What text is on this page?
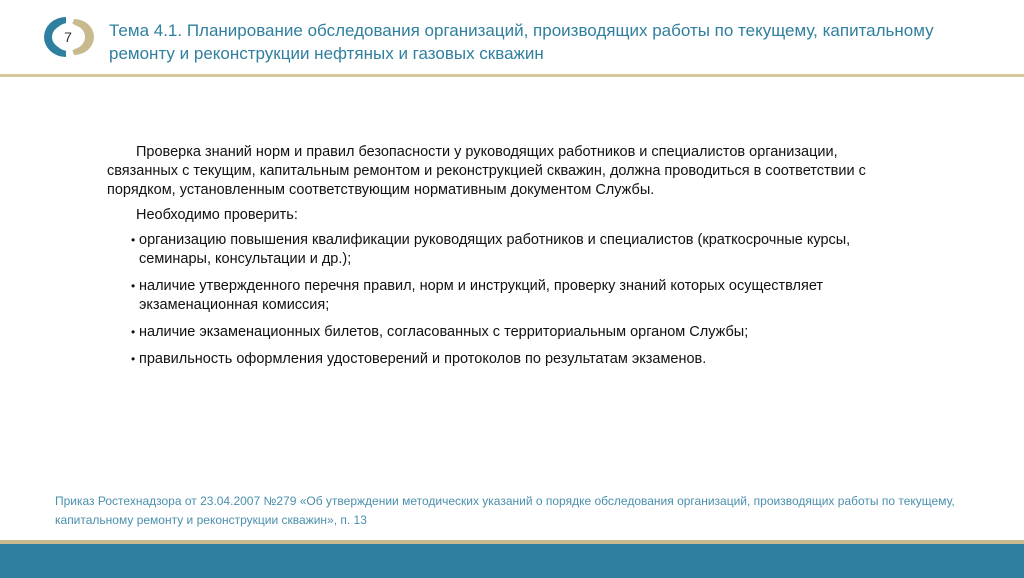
7	Тема 4.1. Планирование обследования организаций, производящих работы по текущему, капитальному ремонту и реконструкции нефтяных и газовых скважин

Проверка знаний норм и правил безопасности у руководящих работников и специалистов организации, связанных с текущим, капитальным ремонтом и реконструкцией скважин, должна проводиться в соответствии с порядком, установленным соответствующим нормативным документом Службы.

Необходимо проверить:

• организацию повышения квалификации руководящих работников и специалистов (краткосрочные курсы, семинары, консультации и др.);
• наличие утвержденного перечня правил, норм и инструкций, проверку знаний которых осуществляет экзаменационная комиссия;
• наличие экзаменационных билетов, согласованных с территориальным органом Службы;
• правильность оформления удостоверений и протоколов по результатам экзаменов.

Приказ Ростехнадзора от 23.04.2007 №279 «Об утверждении методических указаний о порядке обследования организаций, производящих работы по текущему, капитальному ремонту и реконструкции скважин», п. 13
